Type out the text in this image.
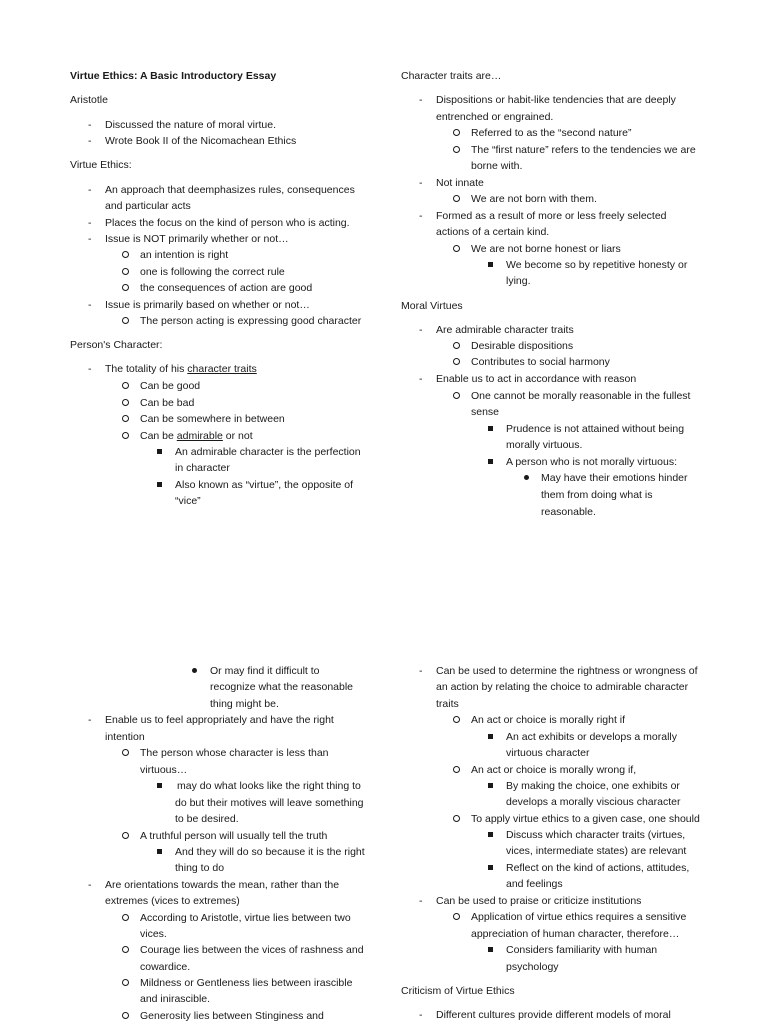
Virtue Ethics: A Basic Introductory Essay
Aristotle
- Discussed the nature of moral virtue.
- Wrote Book II of the Nicomachean Ethics
Virtue Ethics:
- An approach that deemphasizes rules, consequences
and particular acts
- Places the focus on the kind of person who is acting.
- Issue is NOT primarily whether or not…
an intention is right
one is following the correct rule
the consequences of action are good
- Issue is primarily based on whether or not…
The person acting is expressing good character
Person's Character:
- The totality of his character traits
Can be good
Can be bad
Can be somewhere in between
Can be admirable or not
An admirable character is the perfection
in character
Also known as “virtue”, the opposite of
“vice”
Character traits are…
- Dispositions or habit-like tendencies that are deeply
entrenched or engrained.
Referred to as the “second nature”
The “first nature” refers to the tendencies we are
borne with.
- Not innate
We are not born with them.
- Formed as a result of more or less freely selected
actions of a certain kind.
We are not borne honest or liars
We become so by repetitive honesty or
lying.
Moral Virtues
- Are admirable character traits
Desirable dispositions
Contributes to social harmony
- Enable us to act in accordance with reason
One cannot be morally reasonable in the fullest
sense
Prudence is not attained without being
morally virtuous.
A person who is not morally virtuous:
May have their emotions hinder
them from doing what is
reasonable.
Or may find it difficult to
recognize what the reasonable
thing might be.
- Enable us to feel appropriately and have the right
intention
The person whose character is less than
virtuous…
may do what looks like the right thing to
do but their motives will leave something
to be desired.
A truthful person will usually tell the truth
And they will do so because it is the right
thing to do
- Are orientations towards the mean, rather than the
extremes (vices to extremes)
According to Aristotle, virtue lies between two
vices.
Courage lies between the vices of rashness and
cowardice.
Mildness or Gentleness lies between irascible
and inirascible.
Generosity lies between Stinginess and
- Can be used to determine the rightness or wrongness of
an action by relating the choice to admirable character
traits
An act or choice is morally right if
An act exhibits or develops a morally
virtuous character
An act or choice is morally wrong if,
By making the choice, one exhibits or
develops a morally viscious character
To apply virtue ethics to a given case, one should
Discuss which character traits (virtues,
vices, intermediate states) are relevant
Reflect on the kind of actions, attitudes,
and feelings
- Can be used to praise or criticize institutions
Application of virtue ethics requires a sensitive
appreciation of human character, therefore…
Considers familiarity with human
psychology
Criticism of Virtue Ethics
- Different cultures provide different models of moral
